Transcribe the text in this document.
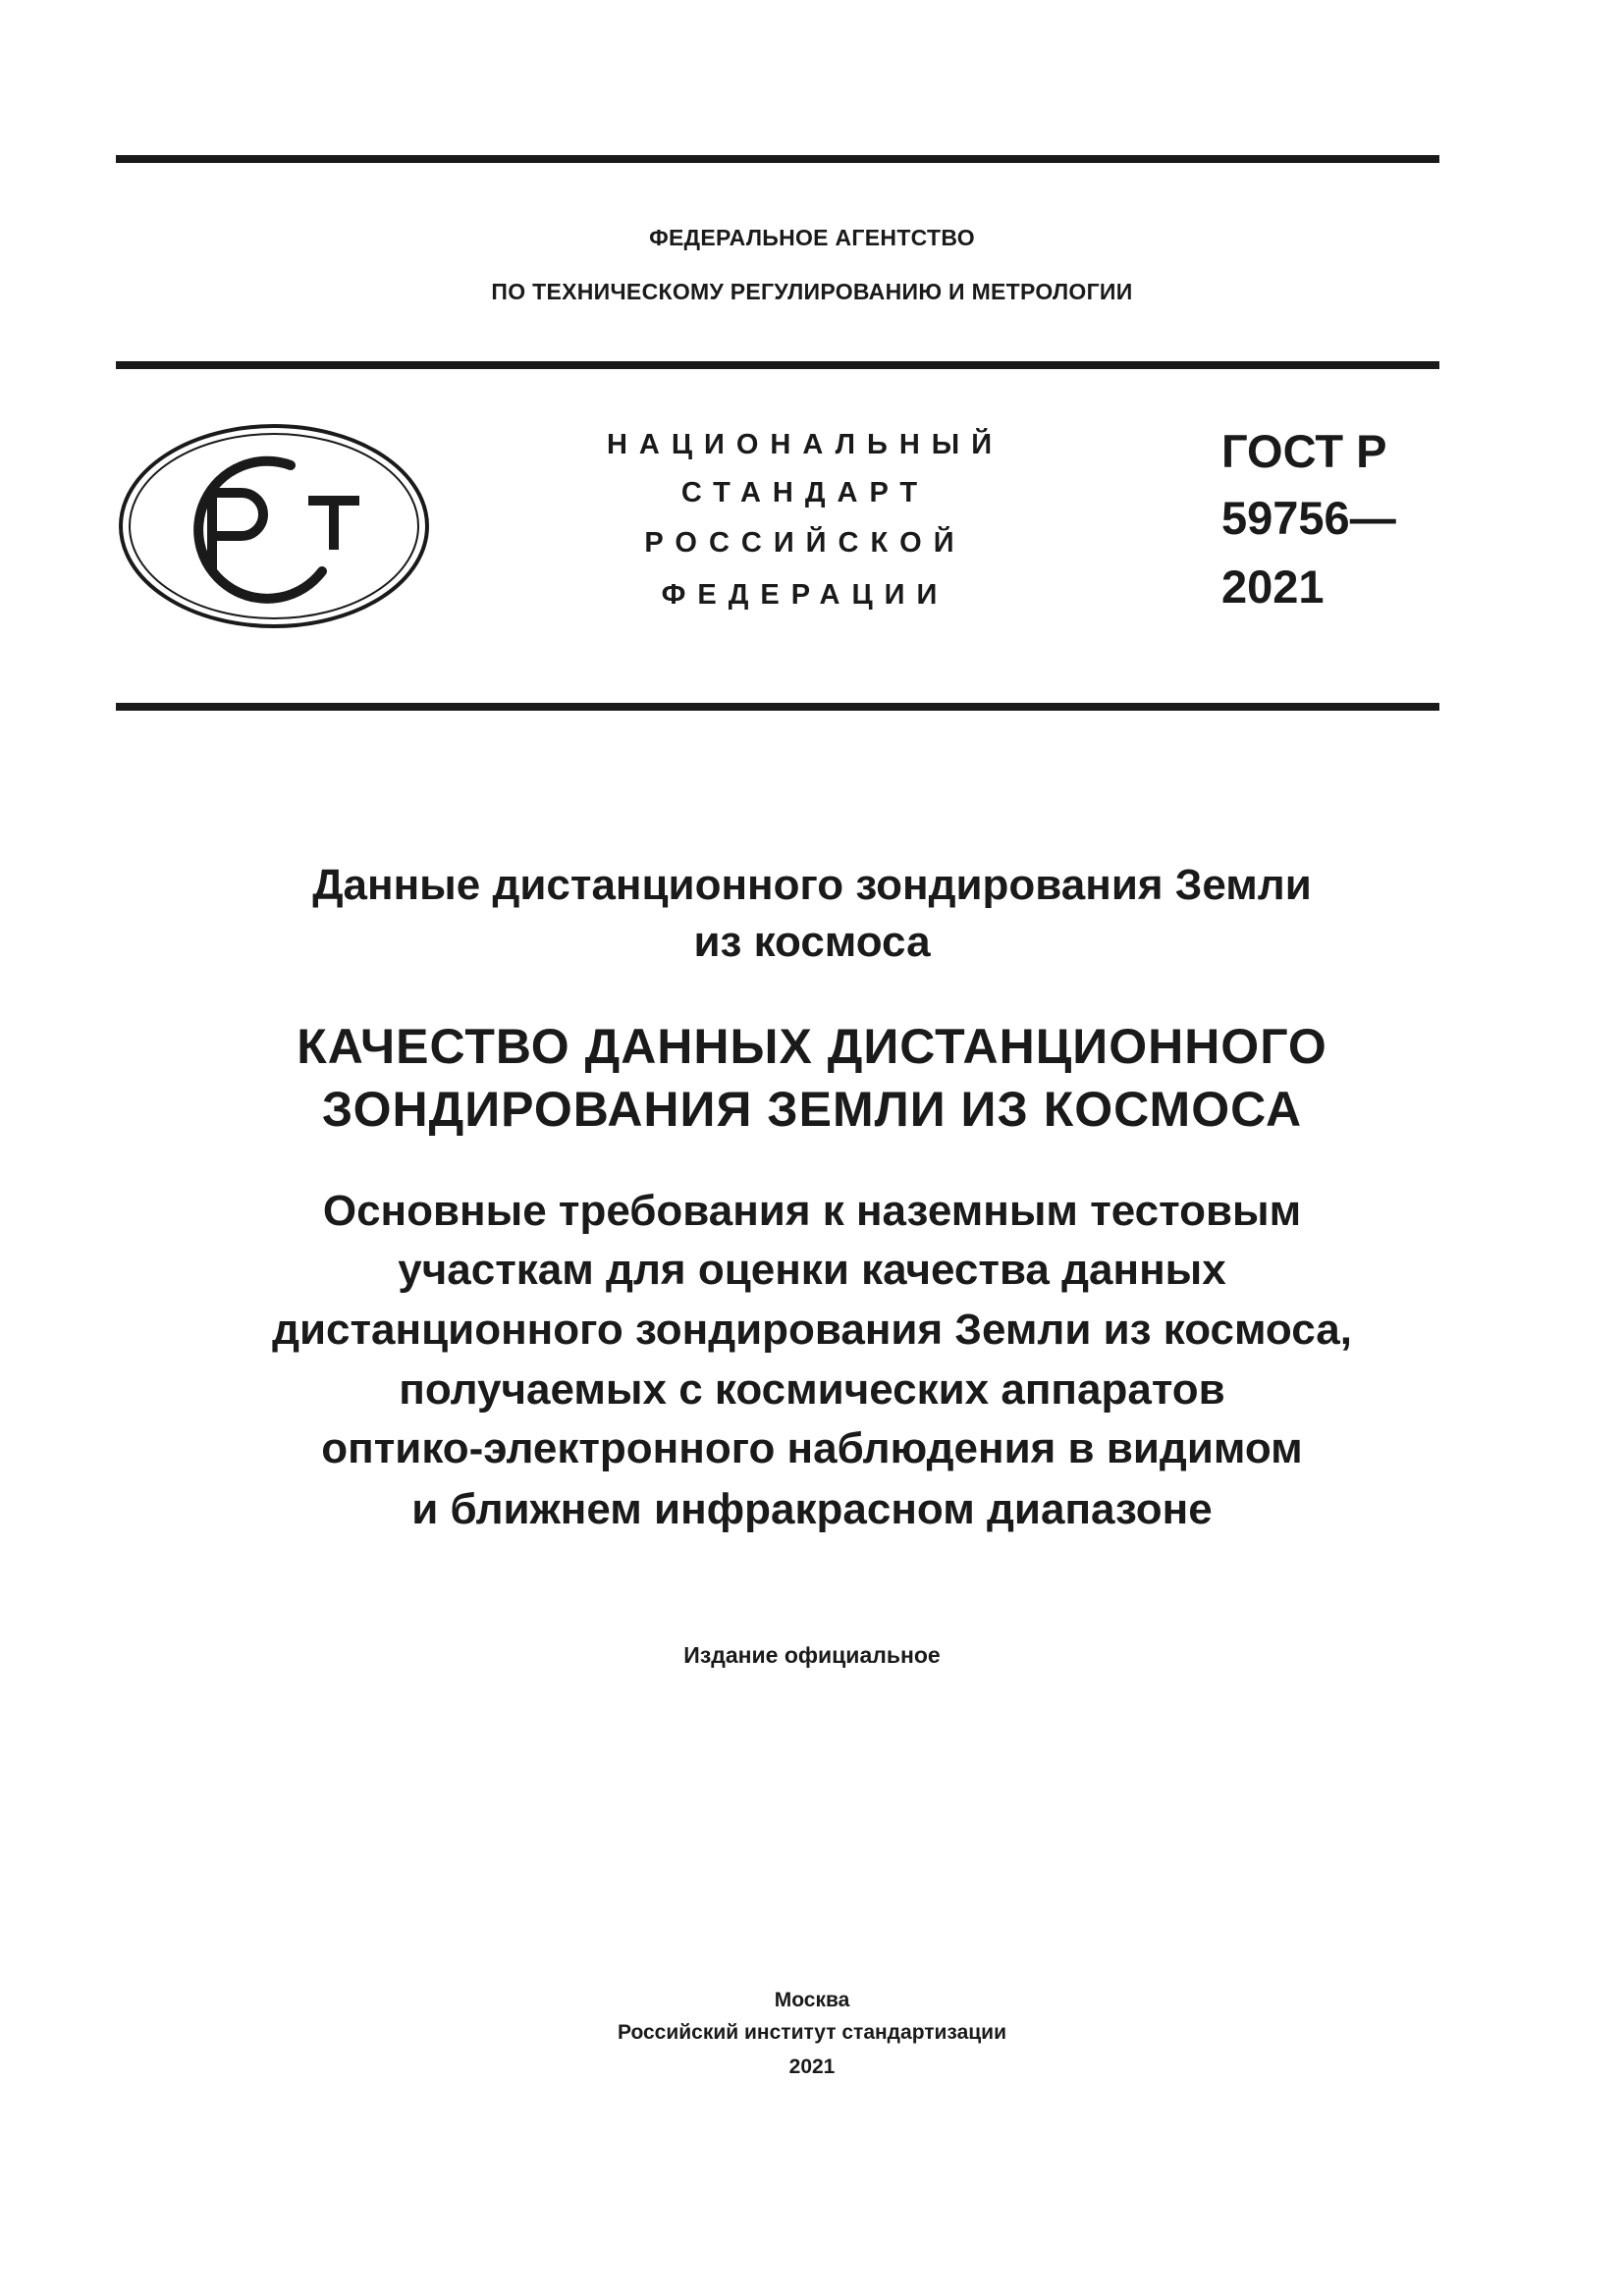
ФЕДЕРАЛЬНОЕ АГЕНТСТВО
ПО ТЕХНИЧЕСКОМУ РЕГУЛИРОВАНИЮ И МЕТРОЛОГИИ
НАЦИОНАЛЬНЫЙ
СТАНДАРТ
РОССИЙСКОЙ
ФЕДЕРАЦИИ
ГОСТ Р
59756—
2021
Данные дистанционного зондирования Земли
из космоса
КАЧЕСТВО ДАННЫХ ДИСТАНЦИОННОГО
ЗОНДИРОВАНИЯ ЗЕМЛИ ИЗ КОСМОСА
Основные требования к наземным тестовым
участкам для оценки качества данных
дистанционного зондирования Земли из космоса,
получаемых с космических аппаратов
оптико-электронного наблюдения в видимом
и ближнем инфракрасном диапазоне
Издание официальное
Москва
Российский институт стандартизации
2021
